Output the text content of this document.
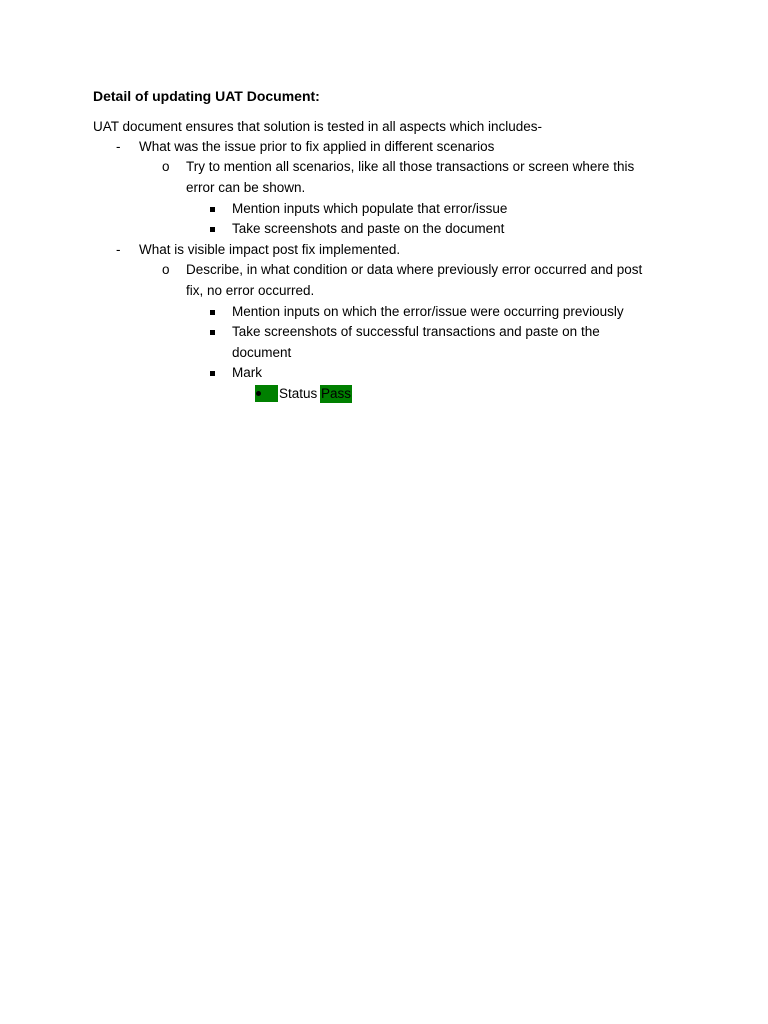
Detail of updating UAT Document:
UAT document ensures that solution is tested in all aspects which includes-
- What was the issue prior to fix applied in different scenarios
o Try to mention all scenarios, like all those transactions or screen where this
error can be shown.
Mention inputs which populate that error/issue
Take screenshots and paste on the document
- What is visible impact post fix implemented.
o Describe, in what condition or data where previously error occurred and post
fix, no error occurred.
Mention inputs on which the error/issue were occurring previously
Take screenshots of successful transactions and paste on the
document
Mark
Status Pass
